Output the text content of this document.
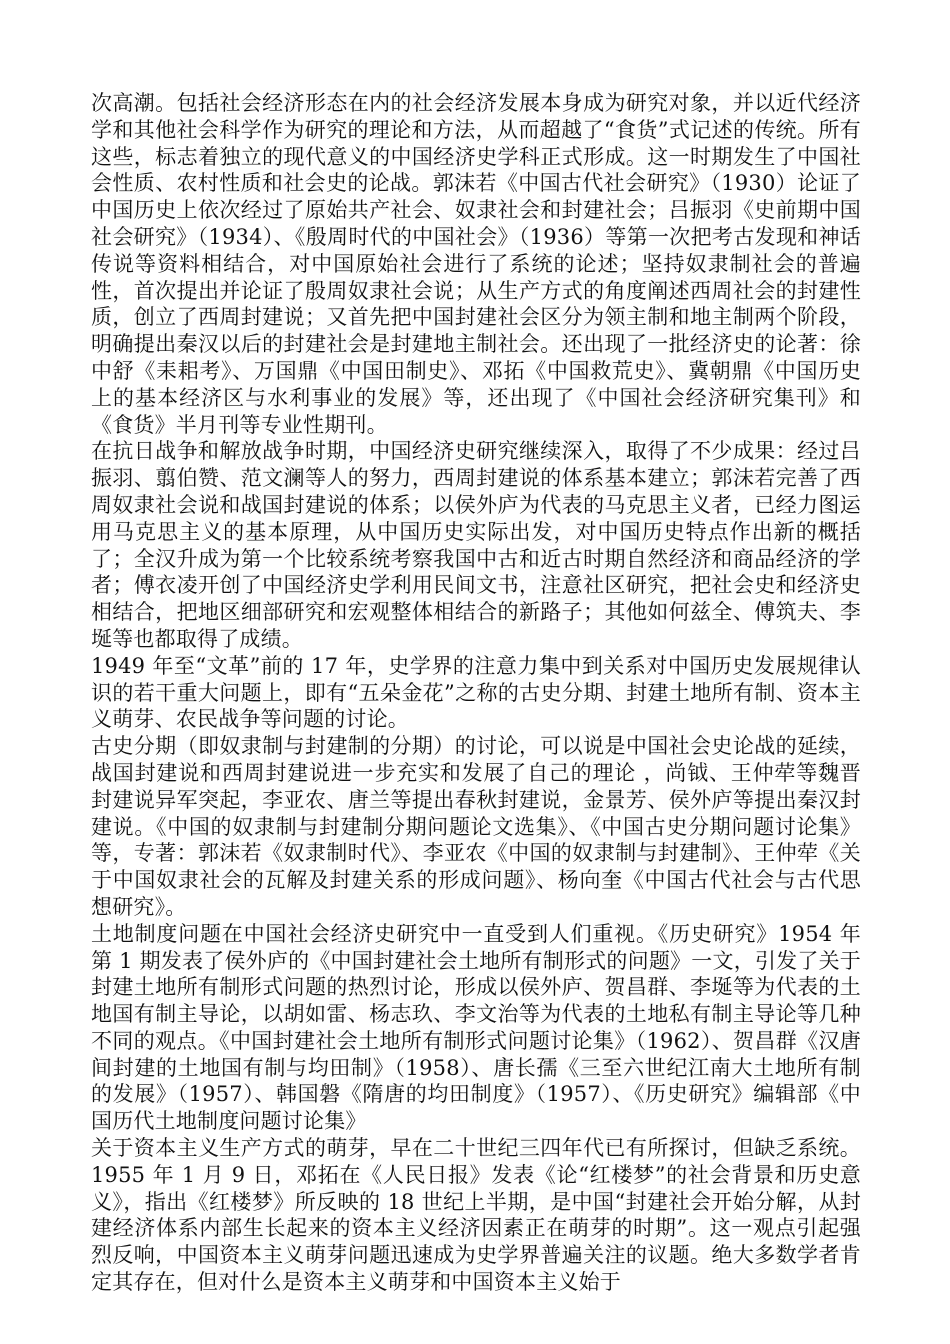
次高潮。包括社会经济形态在内的社会经济发展本身成为研究对象，并以近代经济学和其他社会科学作为研究的理论和方法，从而超越了“食货”式记述的传统。所有这些，标志着独立的现代意义的中国经济史学科正式形成。这一时期发生了中国社会性质、农村性质和社会史的论战。郭沫若《中国古代社会研究》（1930）论证了中国历史上依次经过了原始共产社会、奴隶社会和封建社会；吕振羽《史前期中国社会研究》（1934）、《殷周时代的中国社会》（1936）等第一次把考古发现和神话传说等资料相结合，对中国原始社会进行了系统的论述；坚持奴隶制社会的普遍性，首次提出并论证了殷周奴隶社会说；从生产方式的角度阐述西周社会的封建性质，创立了西周封建说；又首先把中国封建社会区分为领主制和地主制两个阶段，明确提出秦汉以后的封建社会是封建地主制社会。还出现了一批经济史的论著：徐中舒《耒耜考》、万国鼎《中国田制史》、邓拓《中国救荒史》、冀朝鼎《中国历史上的基本经济区与水利事业的发展》等，还出现了《中国社会经济研究集刊》和《食货》半月刊等专业性期刊。

在抗日战争和解放战争时期，中国经济史研究继续深入，取得了不少成果：经过吕振羽、翦伯赞、范文澜等人的努力，西周封建说的体系基本建立；郭沫若完善了西周奴隶社会说和战国封建说的体系；以侯外庐为代表的马克思主义者，已经力图运用马克思主义的基本原理，从中国历史实际出发，对中国历史特点作出新的概括了；全汉升成为第一个比较系统考察我国中古和近古时期自然经济和商品经济的学者；傅衣凌开创了中国经济史学利用民间文书，注意社区研究，把社会史和经济史相结合，把地区细部研究和宏观整体相结合的新路子；其他如何兹全、傅筑夫、李埏等也都取得了成绩。

1949 年至“文革”前的 17 年，史学界的注意力集中到关系对中国历史发展规律认识的若干重大问题上，即有“五朵金花”之称的古史分期、封建土地所有制、资本主义萌芽、农民战争等问题的讨论。

古史分期（即奴隶制与封建制的分期）的讨论，可以说是中国社会史论战的延续，战国封建说和西周封建说进一步充实和发展了自己的理论 ，尚钺、王仲荦等魏晋封建说异军突起，李亚农、唐兰等提出春秋封建说，金景芳、侯外庐等提出秦汉封建说。《中国的奴隶制与封建制分期问题论文选集》、《中国古史分期问题讨论集》等，专著：郭沫若《奴隶制时代》、李亚农《中国的奴隶制与封建制》、王仲荦《关于中国奴隶社会的瓦解及封建关系的形成问题》、杨向奎《中国古代社会与古代思想研究》。

土地制度问题在中国社会经济史研究中一直受到人们重视。《历史研究》1954 年第 1 期发表了侯外庐的《中国封建社会土地所有制形式的问题》一文，引发了关于封建土地所有制形式问题的热烈讨论，形成以侯外庐、贺昌群、李埏等为代表的土地国有制主导论，以胡如雷、杨志玖、李文治等为代表的土地私有制主导论等几种不同的观点。《中国封建社会土地所有制形式问题讨论集》（1962）、贺昌群《汉唐间封建的土地国有制与均田制》（1958）、唐长孺《三至六世纪江南大土地所有制的发展》（1957）、韩国磐《隋唐的均田制度》（1957）、《历史研究》编辑部《中国历代土地制度问题讨论集》

关于资本主义生产方式的萌芽，早在二十世纪三四年代已有所探讨，但缺乏系统。1955 年 1 月 9 日，邓拓在《人民日报》发表《论“红楼梦”的社会背景和历史意义》，指出《红楼梦》所反映的 18 世纪上半期，是中国“封建社会开始分解，从封建经济体系内部生长起来的资本主义经济因素正在萌芽的时期”。这一观点引起强烈反响，中国资本主义萌芽问题迅速成为史学界普遍关注的议题。绝大多数学者肯定其存在，但对什么是资本主义萌芽和中国资本主义始于
